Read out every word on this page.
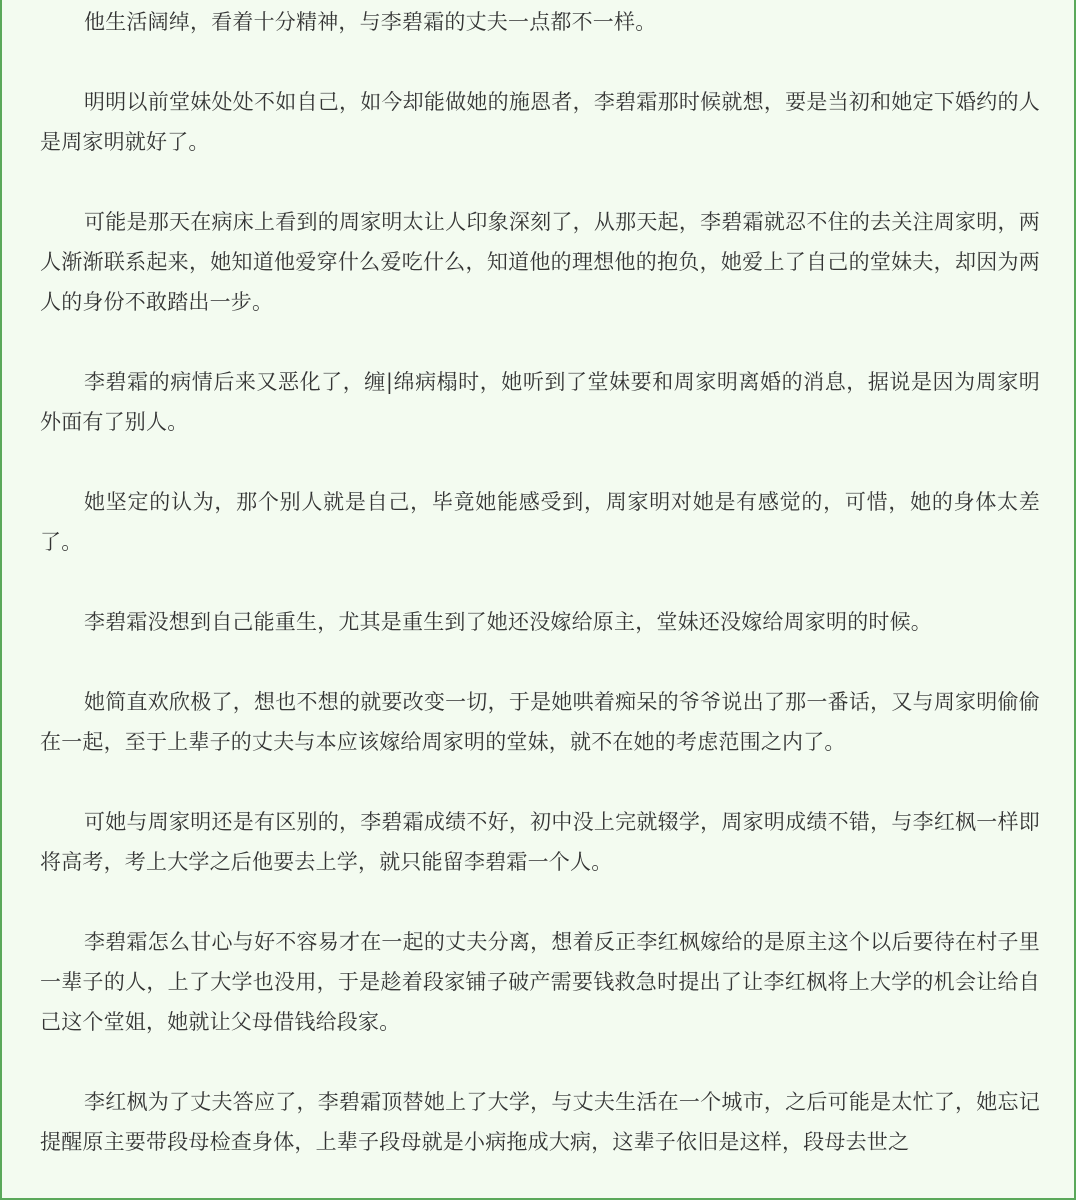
他生活阔绰，看着十分精神，与李碧霜的丈夫一点都不一样。

明明以前堂妹处处不如自己，如今却能做她的施恩者，李碧霜那时候就想，要是当初和她定下婚约的人是周家明就好了。

可能是那天在病床上看到的周家明太让人印象深刻了，从那天起，李碧霜就忍不住的去关注周家明，两人渐渐联系起来，她知道他爱穿什么爱吃什么，知道他的理想他的抱负，她爱上了自己的堂妹夫，却因为两人的身份不敢踏出一步。

李碧霜的病情后来又恶化了，缠|绵病榻时，她听到了堂妹要和周家明离婚的消息，据说是因为周家明外面有了别人。

她坚定的认为，那个别人就是自己，毕竟她能感受到，周家明对她是有感觉的，可惜，她的身体太差了。

李碧霜没想到自己能重生，尤其是重生到了她还没嫁给原主，堂妹还没嫁给周家明的时候。

她简直欢欣极了，想也不想的就要改变一切，于是她哄着痴呆的爷爷说出了那一番话，又与周家明偷偷在一起，至于上辈子的丈夫与本应该嫁给周家明的堂妹，就不在她的考虑范围之内了。

可她与周家明还是有区别的，李碧霜成绩不好，初中没上完就辍学，周家明成绩不错，与李红枫一样即将高考，考上大学之后他要去上学，就只能留李碧霜一个人。

李碧霜怎么甘心与好不容易才在一起的丈夫分离，想着反正李红枫嫁给的是原主这个以后要待在村子里一辈子的人，上了大学也没用，于是趁着段家铺子破产需要钱救急时提出了让李红枫将上大学的机会让给自己这个堂姐，她就让父母借钱给段家。

李红枫为了丈夫答应了，李碧霜顶替她上了大学，与丈夫生活在一个城市，之后可能是太忙了，她忘记提醒原主要带段母检查身体，上辈子段母就是小病拖成大病，这辈子依旧是这样，段母去世之
